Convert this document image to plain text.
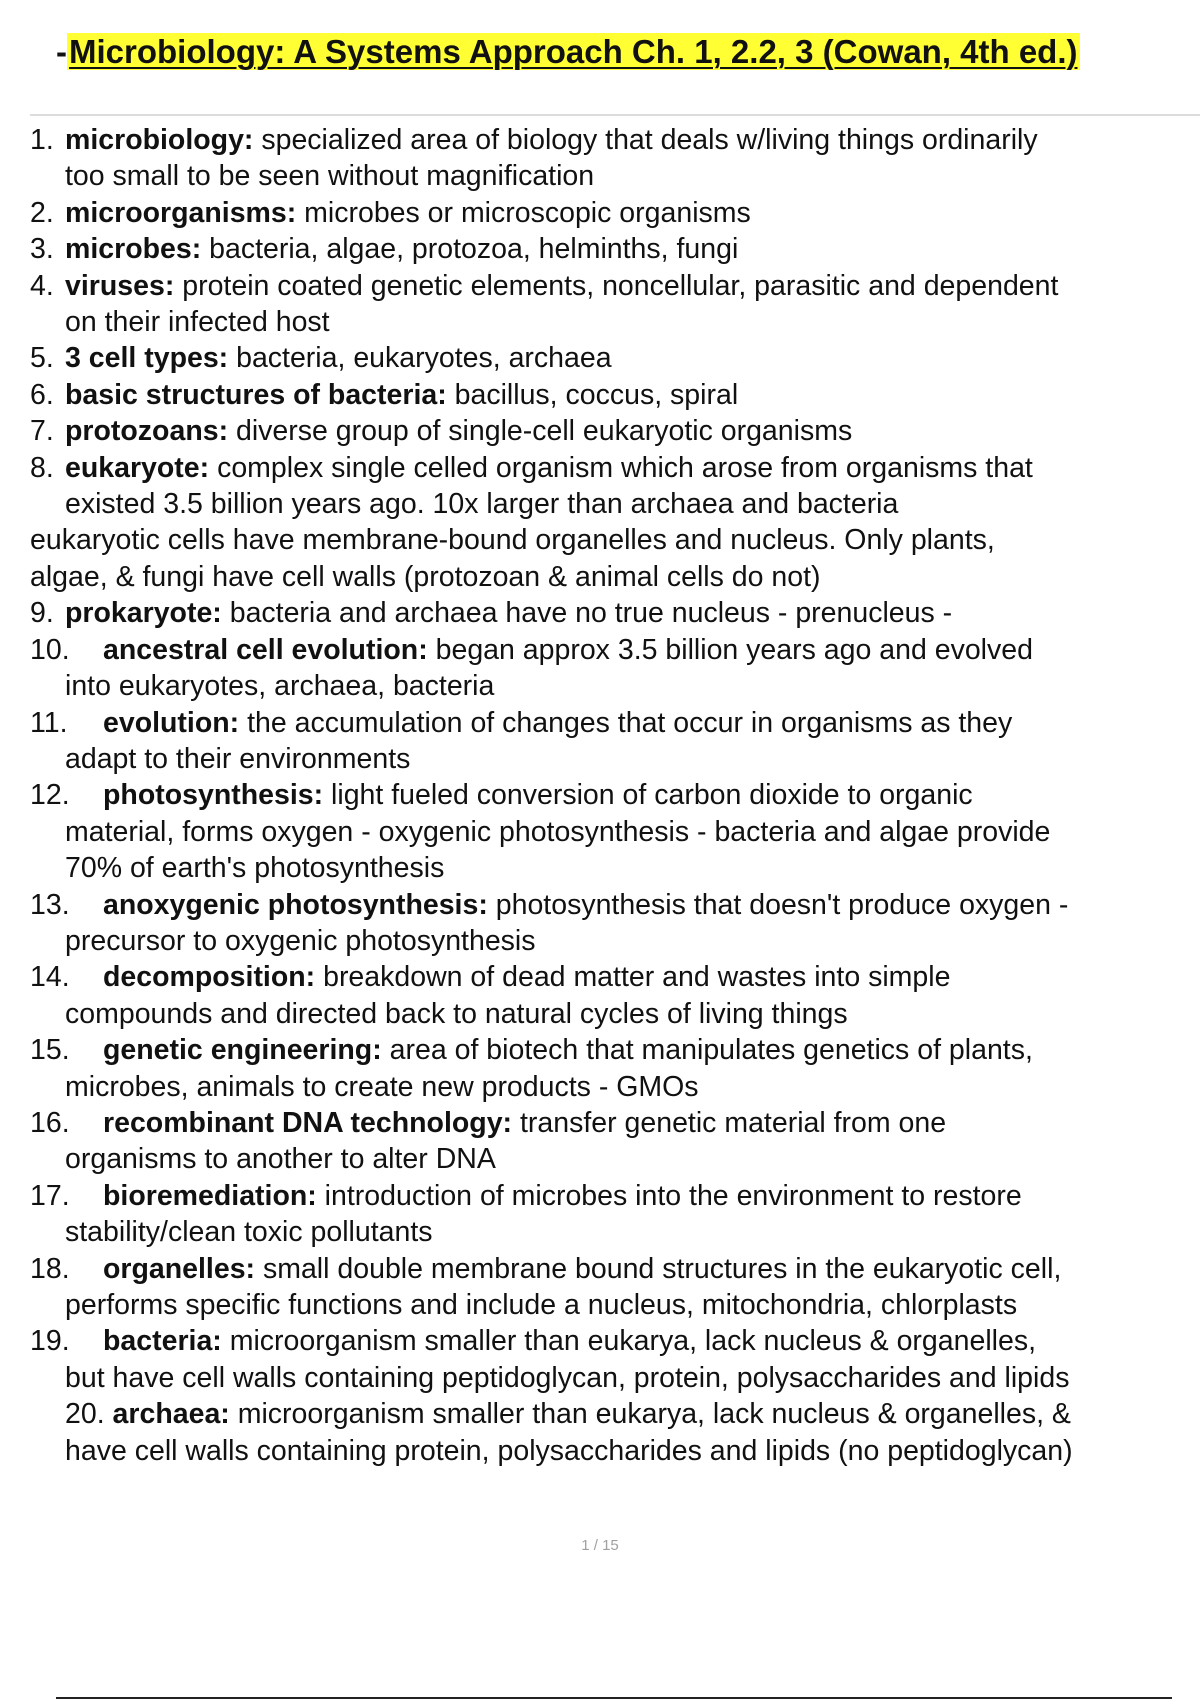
-Microbiology: A Systems Approach Ch. 1, 2.2, 3 (Cowan, 4th ed.)
1. microbiology: specialized area of biology that deals w/living things ordinarily
too small to be seen without magnification
2. microorganisms: microbes or microscopic organisms
3. microbes: bacteria, algae, protozoa, helminths, fungi
4. viruses: protein coated genetic elements, noncellular, parasitic and dependent
on their infected host
5. 3 cell types: bacteria, eukaryotes, archaea
6. basic structures of bacteria: bacillus, coccus, spiral
7. protozoans: diverse group of single-cell eukaryotic organisms
8. eukaryote: complex single celled organism which arose from organisms that
existed 3.5 billion years ago. 10x larger than archaea and bacteria
eukaryotic cells have membrane-bound organelles and nucleus. Only plants,
algae, & fungi have cell walls (protozoan & animal cells do not)
9. prokaryote: bacteria and archaea have no true nucleus - prenucleus -
10.	ancestral cell evolution: began approx 3.5 billion years ago and evolved
into eukaryotes, archaea, bacteria
11.	evolution: the accumulation of changes that occur in organisms as they
adapt to their environments
12.	photosynthesis: light fueled conversion of carbon dioxide to organic
material, forms oxygen - oxygenic photosynthesis - bacteria and algae provide
70% of earth's photosynthesis
13.	anoxygenic photosynthesis: photosynthesis that doesn't produce oxygen -
precursor to oxygenic photosynthesis
14.	decomposition: breakdown of dead matter and wastes into simple
compounds and directed back to natural cycles of living things
15.	genetic engineering: area of biotech that manipulates genetics of plants,
microbes, animals to create new products - GMOs
16.	recombinant DNA technology: transfer genetic material from one
organisms to another to alter DNA
17.	bioremediation: introduction of microbes into the environment to restore
stability/clean toxic pollutants
18.	organelles: small double membrane bound structures in the eukaryotic cell,
performs specific functions and include a nucleus, mitochondria, chlorplasts
19.	bacteria: microorganism smaller than eukarya, lack nucleus & organelles,
but have cell walls containing peptidoglycan, protein, polysaccharides and lipids
20. archaea: microorganism smaller than eukarya, lack nucleus & organelles, &
have cell walls containing protein, polysaccharides and lipids (no peptidoglycan)
1 / 15
